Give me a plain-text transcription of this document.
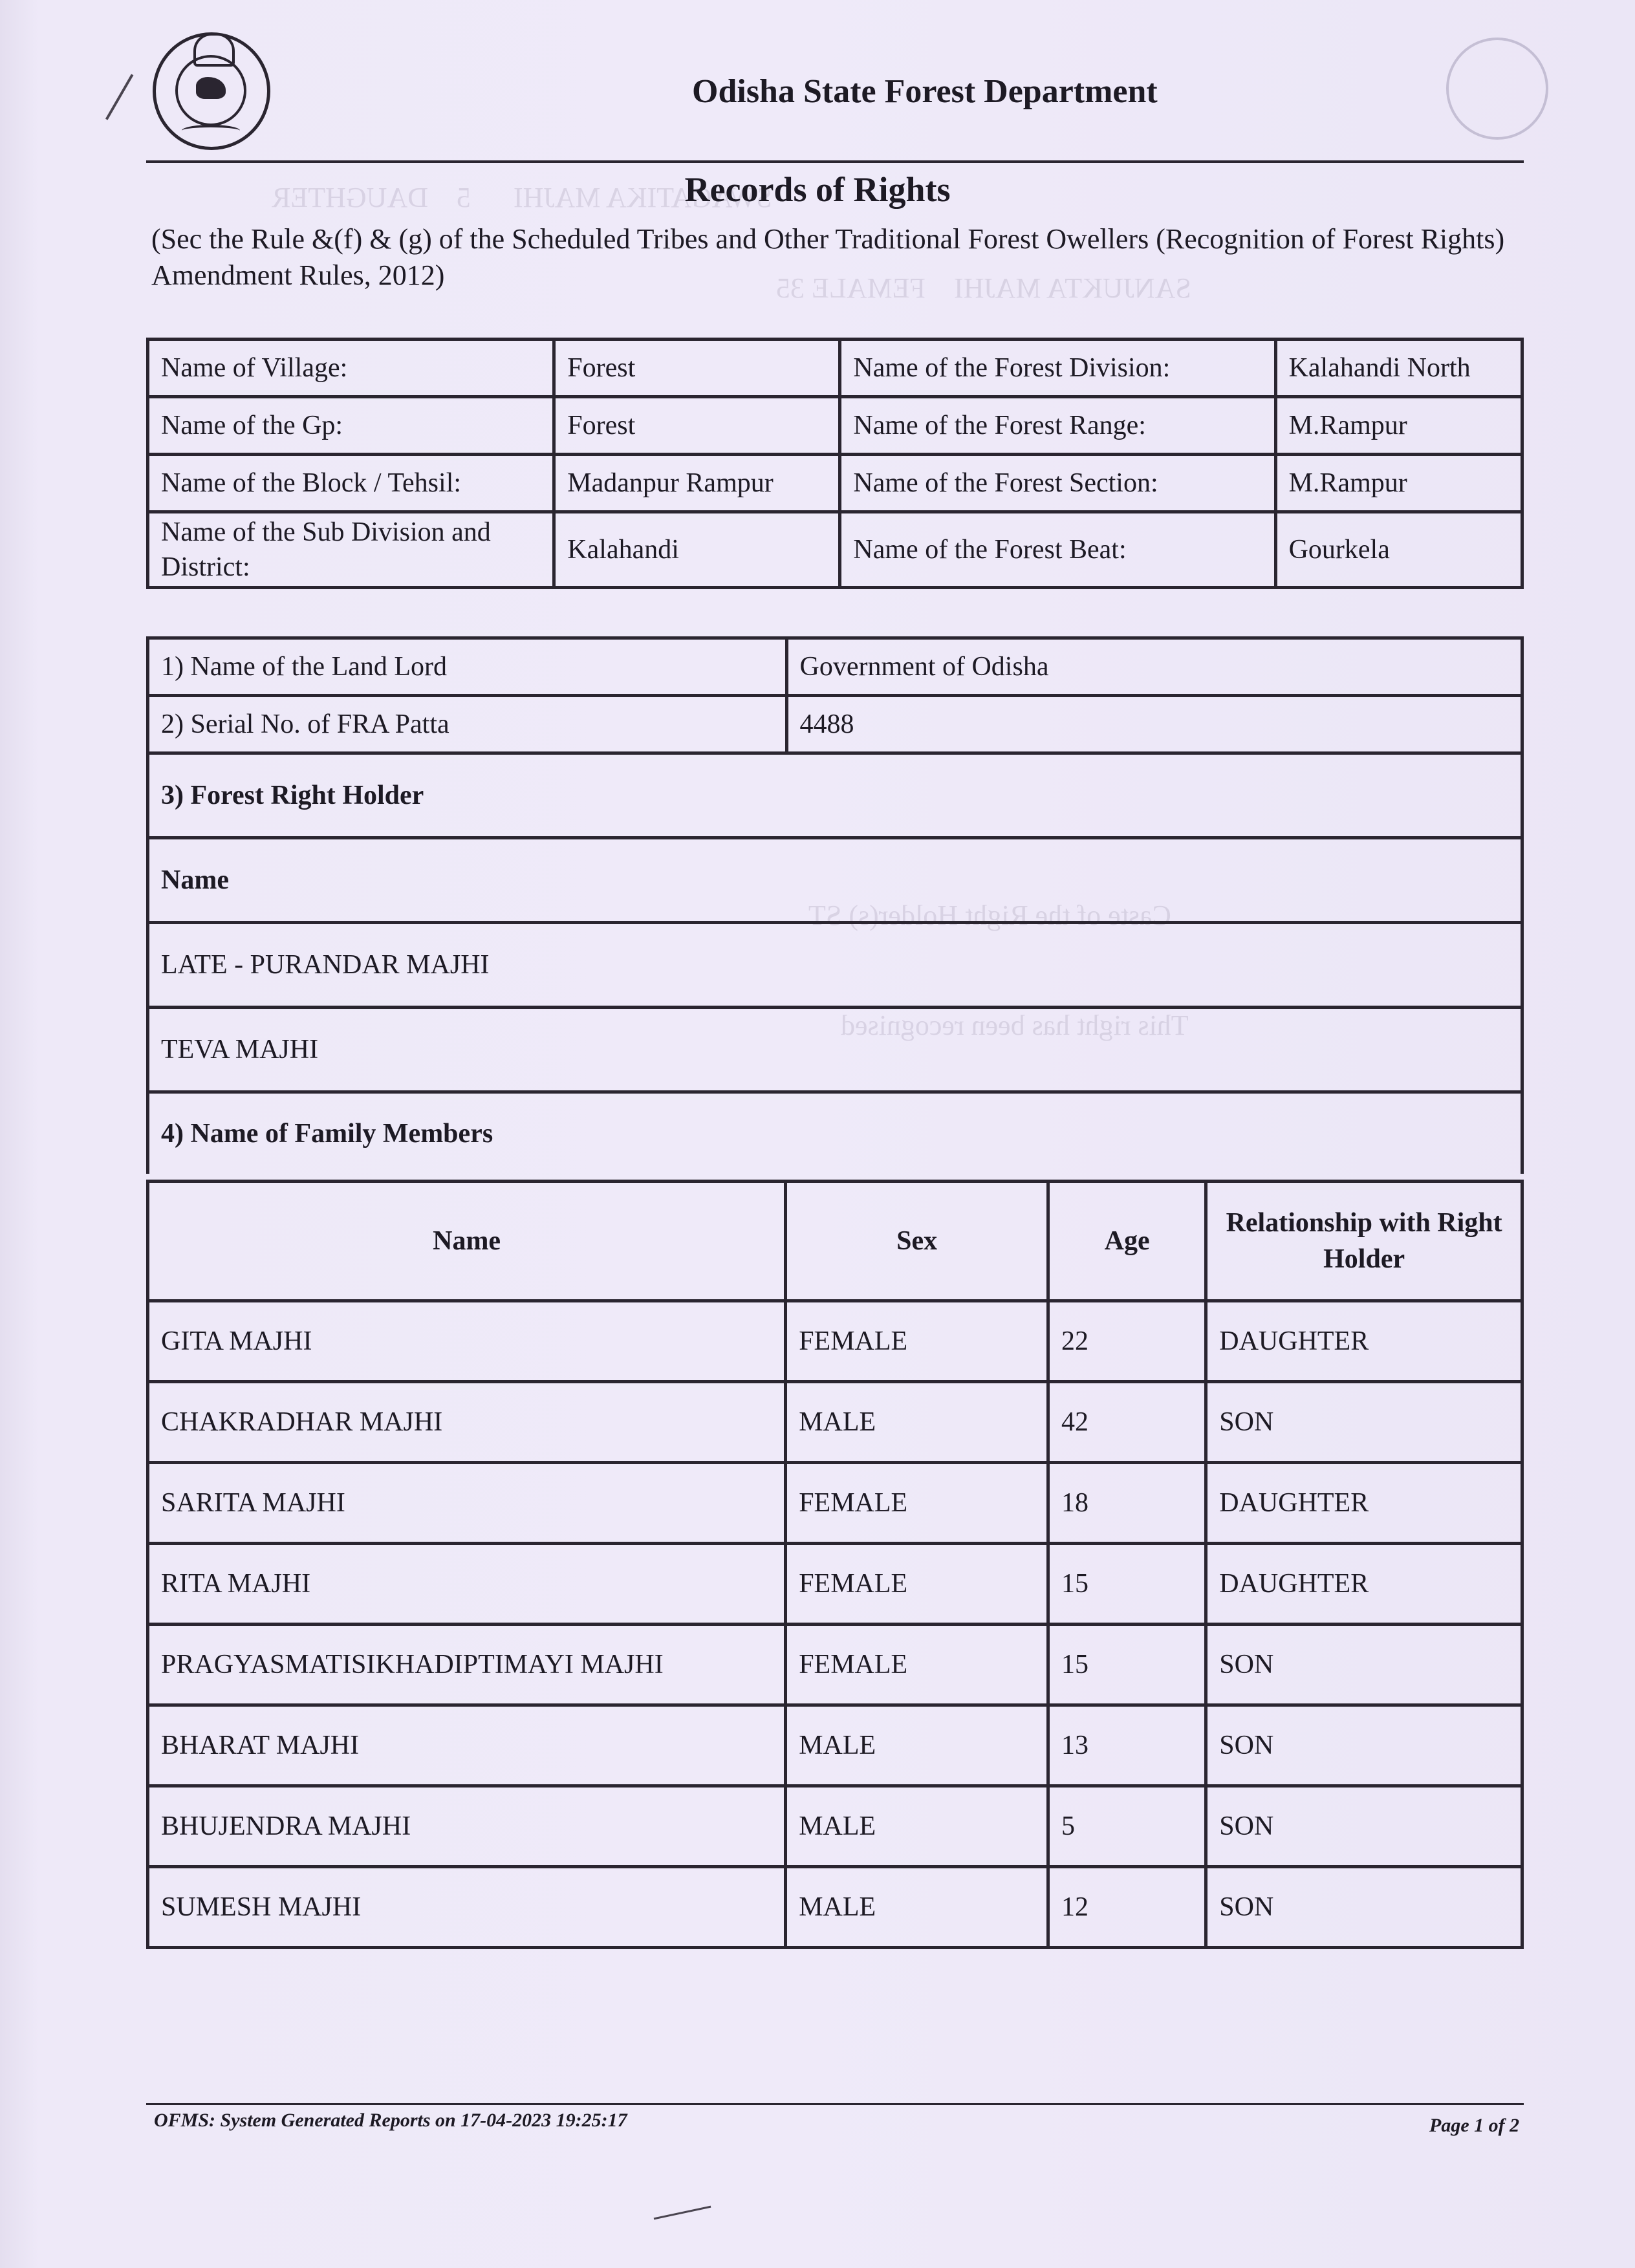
SWAGATIKA MAJHI      5    DAUGHTER
SANJUKTA MAJHI    FEMALE 35
Caste of the Right Holder(s) ST
This right has been recognised
Odisha State Forest Department
Records of Rights
(Sec the Rule &(f) & (g) of the Scheduled Tribes and Other Traditional Forest Owellers (Recognition of Forest Rights) Amendment Rules, 2012)
Name of Village:	Forest	Name of the Forest Division:	Kalahandi North
Name of the Gp:	Forest	Name of the Forest Range:	M.Rampur
Name of the Block / Tehsil:	Madanpur Rampur	Name of the Forest Section:	M.Rampur
Name of the Sub Division and District:	Kalahandi	Name of the Forest Beat:	Gourkela
1) Name of the Land Lord	Government of Odisha
2) Serial No. of FRA Patta	4488
3) Forest Right Holder	
Name	
LATE - PURANDAR MAJHI	
TEVA MAJHI	
4) Name of Family Members	
Name	Sex	Age	Relationship with Right Holder
GITA MAJHI	FEMALE	22	DAUGHTER
CHAKRADHAR MAJHI	MALE	42	SON
SARITA MAJHI	FEMALE	18	DAUGHTER
RITA MAJHI	FEMALE	15	DAUGHTER
PRAGYASMATISIKHADIPTIMAYI MAJHI	FEMALE	15	SON
BHARAT MAJHI	MALE	13	SON
BHUJENDRA MAJHI	MALE	5	SON
SUMESH MAJHI	MALE	12	SON
OFMS: System Generated Reports on 17-04-2023 19:25:17	Page 1 of 2
